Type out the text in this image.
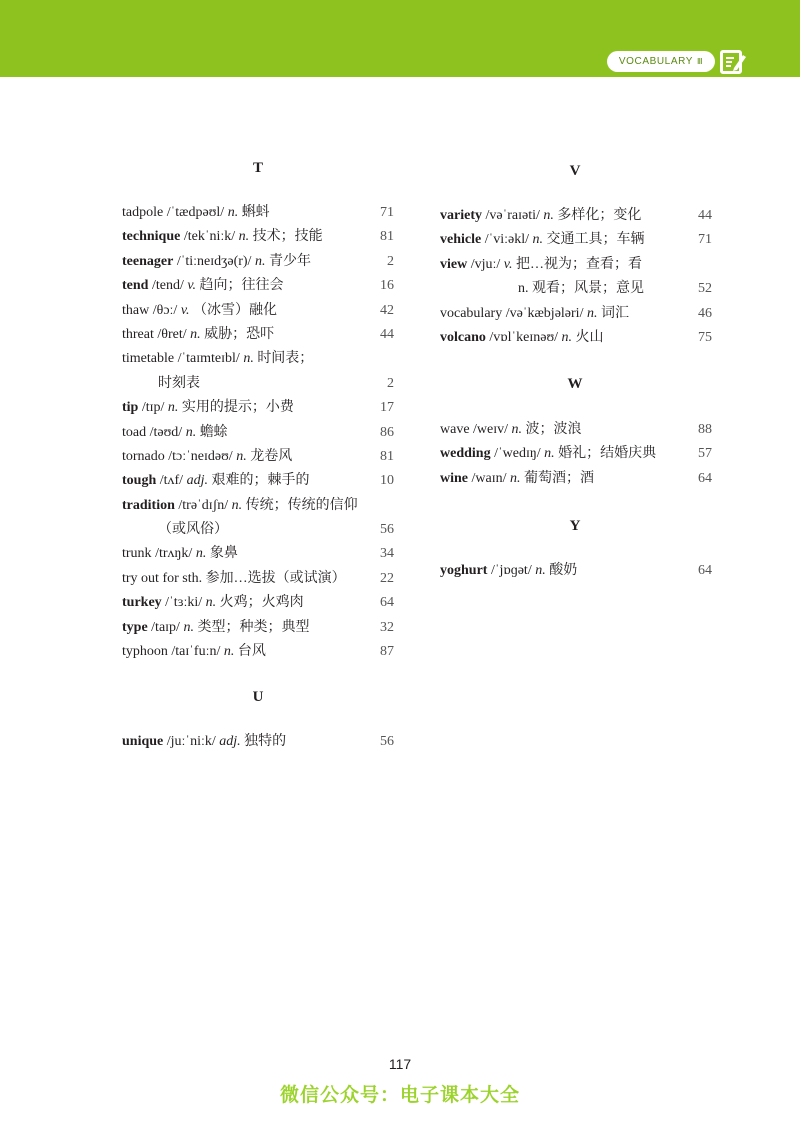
VOCABULARY Ⅲ
T
tadpole /ˈtædpəʊl/ n. 蝌蚪	71
technique /tekˈniːk/ n. 技术；技能	81
teenager /ˈtiːneɪdʒə(r)/ n. 青少年	2
tend /tend/ v. 趋向；往往会	16
thaw /θɔː/ v. （冰雪）融化	42
threat /θret/ n. 威胁；恐吓	44
timetable /ˈtaɪmteɪbl/ n. 时间表；
时刻表	2
tip /tɪp/ n. 实用的提示；小费	17
toad /təʊd/ n. 蟾蜍	86
tornado /tɔːˈneɪdəʊ/ n. 龙卷风	81
tough /tʌf/ adj. 艰难的；棘手的	10
tradition /trəˈdɪʃn/ n. 传统；传统的信仰
（或风俗）	56
trunk /trʌŋk/ n. 象鼻	34
try out for sth. 参加…选拔（或试演） 22
turkey /ˈtɜːki/ n. 火鸡；火鸡肉	64
type /taɪp/ n. 类型；种类；典型	32
typhoon /taɪˈfuːn/ n. 台风	87
U
unique /juːˈniːk/ adj. 独特的	56
V
variety /vəˈraɪəti/ n. 多样化；变化	44
vehicle /ˈviːəkl/ n. 交通工具；车辆	71
view /vjuː/ v. 把…视为；查看；看
n. 观看；风景；意见	52
vocabulary /vəˈkæbjələri/ n. 词汇	46
volcano /vɒlˈkeɪnəʊ/ n. 火山	75
W
wave /weɪv/ n. 波；波浪	88
wedding /ˈwedɪŋ/ n. 婚礼；结婚庆典	57
wine /waɪn/ n. 葡萄酒；酒	64
Y
yoghurt /ˈjɒɡət/ n. 酸奶	64
117
微信公众号：电子课本大全
